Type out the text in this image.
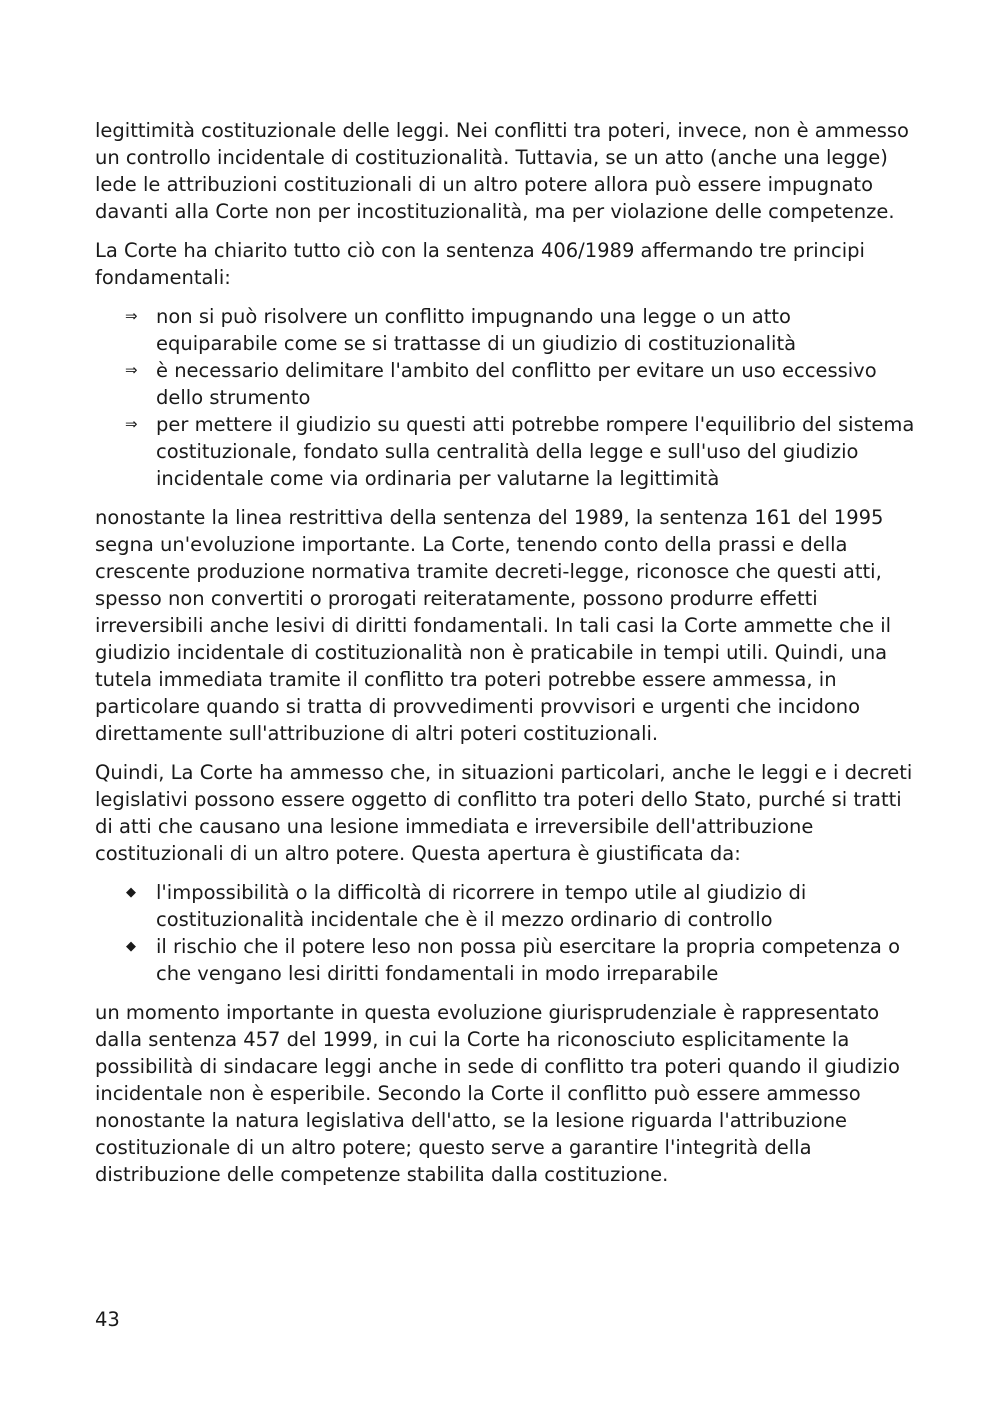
legittimità costituzionale delle leggi. Nei conflitti tra poteri, invece, non è ammesso un controllo incidentale di costituzionalità. Tuttavia, se un atto (anche una legge) lede le attribuzioni costituzionali di un altro potere allora può essere impugnato davanti alla Corte non per incostituzionalità, ma per violazione delle competenze.

La Corte ha chiarito tutto ciò con la sentenza 406/1989 affermando tre principi fondamentali:

⇒ non si può risolvere un conflitto impugnando una legge o un atto equiparabile come se si trattasse di un giudizio di costituzionalità
⇒ è necessario delimitare l'ambito del conflitto per evitare un uso eccessivo dello strumento
⇒ per mettere il giudizio su questi atti potrebbe rompere l'equilibrio del sistema costituzionale, fondato sulla centralità della legge e sull'uso del giudizio incidentale come via ordinaria per valutarne la legittimità

nonostante la linea restrittiva della sentenza del 1989, la sentenza 161 del 1995 segna un'evoluzione importante. La Corte, tenendo conto della prassi e della crescente produzione normativa tramite decreti-legge, riconosce che questi atti, spesso non convertiti o prorogati reiteratamente, possono produrre effetti irreversibili anche lesivi di diritti fondamentali. In tali casi la Corte ammette che il giudizio incidentale di costituzionalità non è praticabile in tempi utili. Quindi, una tutela immediata tramite il conflitto tra poteri potrebbe essere ammessa, in particolare quando si tratta di provvedimenti provvisori e urgenti che incidono direttamente sull'attribuzione di altri poteri costituzionali.

Quindi, La Corte ha ammesso che, in situazioni particolari, anche le leggi e i decreti legislativi possono essere oggetto di conflitto tra poteri dello Stato, purché si tratti di atti che causano una lesione immediata e irreversibile dell'attribuzione costituzionali di un altro potere. Questa apertura è giustificata da:

◆	l'impossibilità o la difficoltà di ricorrere in tempo utile al giudizio di costituzionalità incidentale che è il mezzo ordinario di controllo
◆	il rischio che il potere leso non possa più esercitare la propria competenza o che vengano lesi diritti fondamentali in modo irreparabile

un momento importante in questa evoluzione giurisprudenziale è rappresentato dalla sentenza 457 del 1999, in cui la Corte ha riconosciuto esplicitamente la possibilità di sindacare leggi anche in sede di conflitto tra poteri quando il giudizio incidentale non è esperibile. Secondo la Corte il conflitto può essere ammesso nonostante la natura legislativa dell'atto, se la lesione riguarda l'attribuzione costituzionale di un altro potere; questo serve a garantire l'integrità della distribuzione delle competenze stabilita dalla costituzione.

43
